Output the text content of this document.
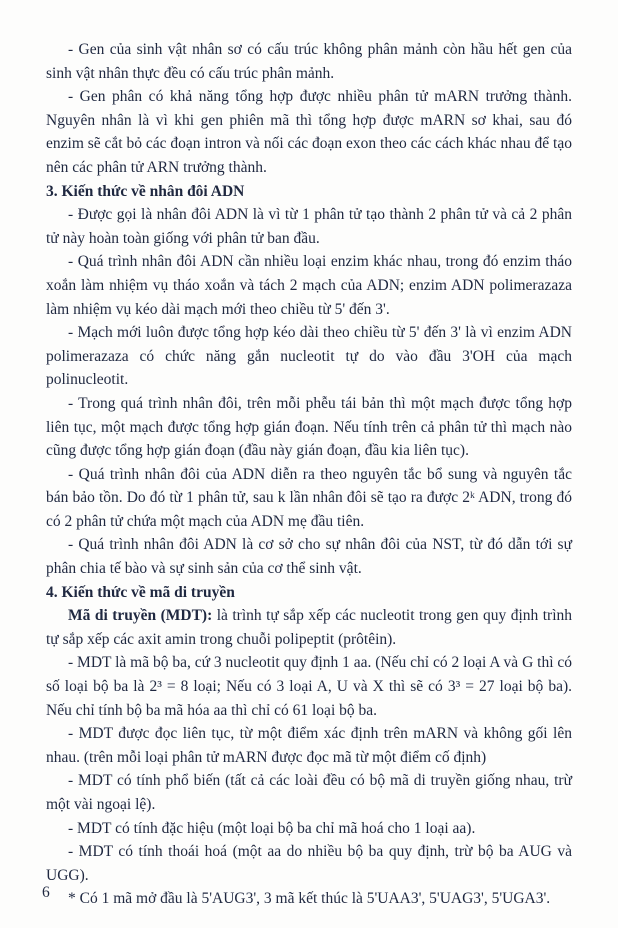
- Gen của sinh vật nhân sơ có cấu trúc không phân mảnh còn hầu hết gen của sinh vật nhân thực đều có cấu trúc phân mảnh.

- Gen phân có khả năng tổng hợp được nhiều phân tử mARN trưởng thành. Nguyên nhân là vì khi gen phiên mã thì tổng hợp được mARN sơ khai, sau đó enzim sẽ cắt bỏ các đoạn intron và nối các đoạn exon theo các cách khác nhau để tạo nên các phân tử ARN trưởng thành.

3. Kiến thức về nhân đôi ADN

- Được gọi là nhân đôi ADN là vì từ 1 phân tử tạo thành 2 phân tử và cả 2 phân tử này hoàn toàn giống với phân tử ban đầu.

- Quá trình nhân đôi ADN cần nhiều loại enzim khác nhau, trong đó enzim tháo xoắn làm nhiệm vụ tháo xoắn và tách 2 mạch của ADN; enzim ADN polimerazaza làm nhiệm vụ kéo dài mạch mới theo chiều từ 5' đến 3'.

- Mạch mới luôn được tổng hợp kéo dài theo chiều từ 5' đến 3' là vì enzim ADN polimerazaza có chức năng gắn nucleotit tự do vào đầu 3'OH của mạch polinucleotit.

- Trong quá trình nhân đôi, trên mỗi phễu tái bản thì một mạch được tổng hợp liên tục, một mạch được tổng hợp gián đoạn. Nếu tính trên cả phân tử thì mạch nào cũng được tổng hợp gián đoạn (đầu này gián đoạn, đầu kia liên tục).

- Quá trình nhân đôi của ADN diễn ra theo nguyên tắc bổ sung và nguyên tắc bán bảo tồn. Do đó từ 1 phân tử, sau k lần nhân đôi sẽ tạo ra được 2ᵏ ADN, trong đó có 2 phân tử chứa một mạch của ADN mẹ đầu tiên.

- Quá trình nhân đôi ADN là cơ sở cho sự nhân đôi của NST, từ đó dẫn tới sự phân chia tế bào và sự sinh sản của cơ thể sinh vật.

4. Kiến thức về mã di truyền

Mã di truyền (MDT): là trình tự sắp xếp các nucleotit trong gen quy định trình tự sắp xếp các axit amin trong chuỗi polipeptit (prôtêin).

- MDT là mã bộ ba, cứ 3 nucleotit quy định 1 aa. (Nếu chỉ có 2 loại A và G thì có số loại bộ ba là 2³ = 8 loại; Nếu có 3 loại A, U và X thì sẽ có 3³ = 27 loại bộ ba). Nếu chỉ tính bộ ba mã hóa aa thì chỉ có 61 loại bộ ba.

- MDT được đọc liên tục, từ một điểm xác định trên mARN và không gối lên nhau. (trên mỗi loại phân tử mARN được đọc mã từ một điểm cố định)

- MDT có tính phổ biến (tất cả các loài đều có bộ mã di truyền giống nhau, trừ một vài ngoại lệ).

- MDT có tính đặc hiệu (một loại bộ ba chỉ mã hoá cho 1 loại aa).

- MDT có tính thoái hoá (một aa do nhiều bộ ba quy định, trừ bộ ba AUG và UGG).

* Có 1 mã mở đầu là 5'AUG3', 3 mã kết thúc là 5'UAA3', 5'UAG3', 5'UGA3'.

6
